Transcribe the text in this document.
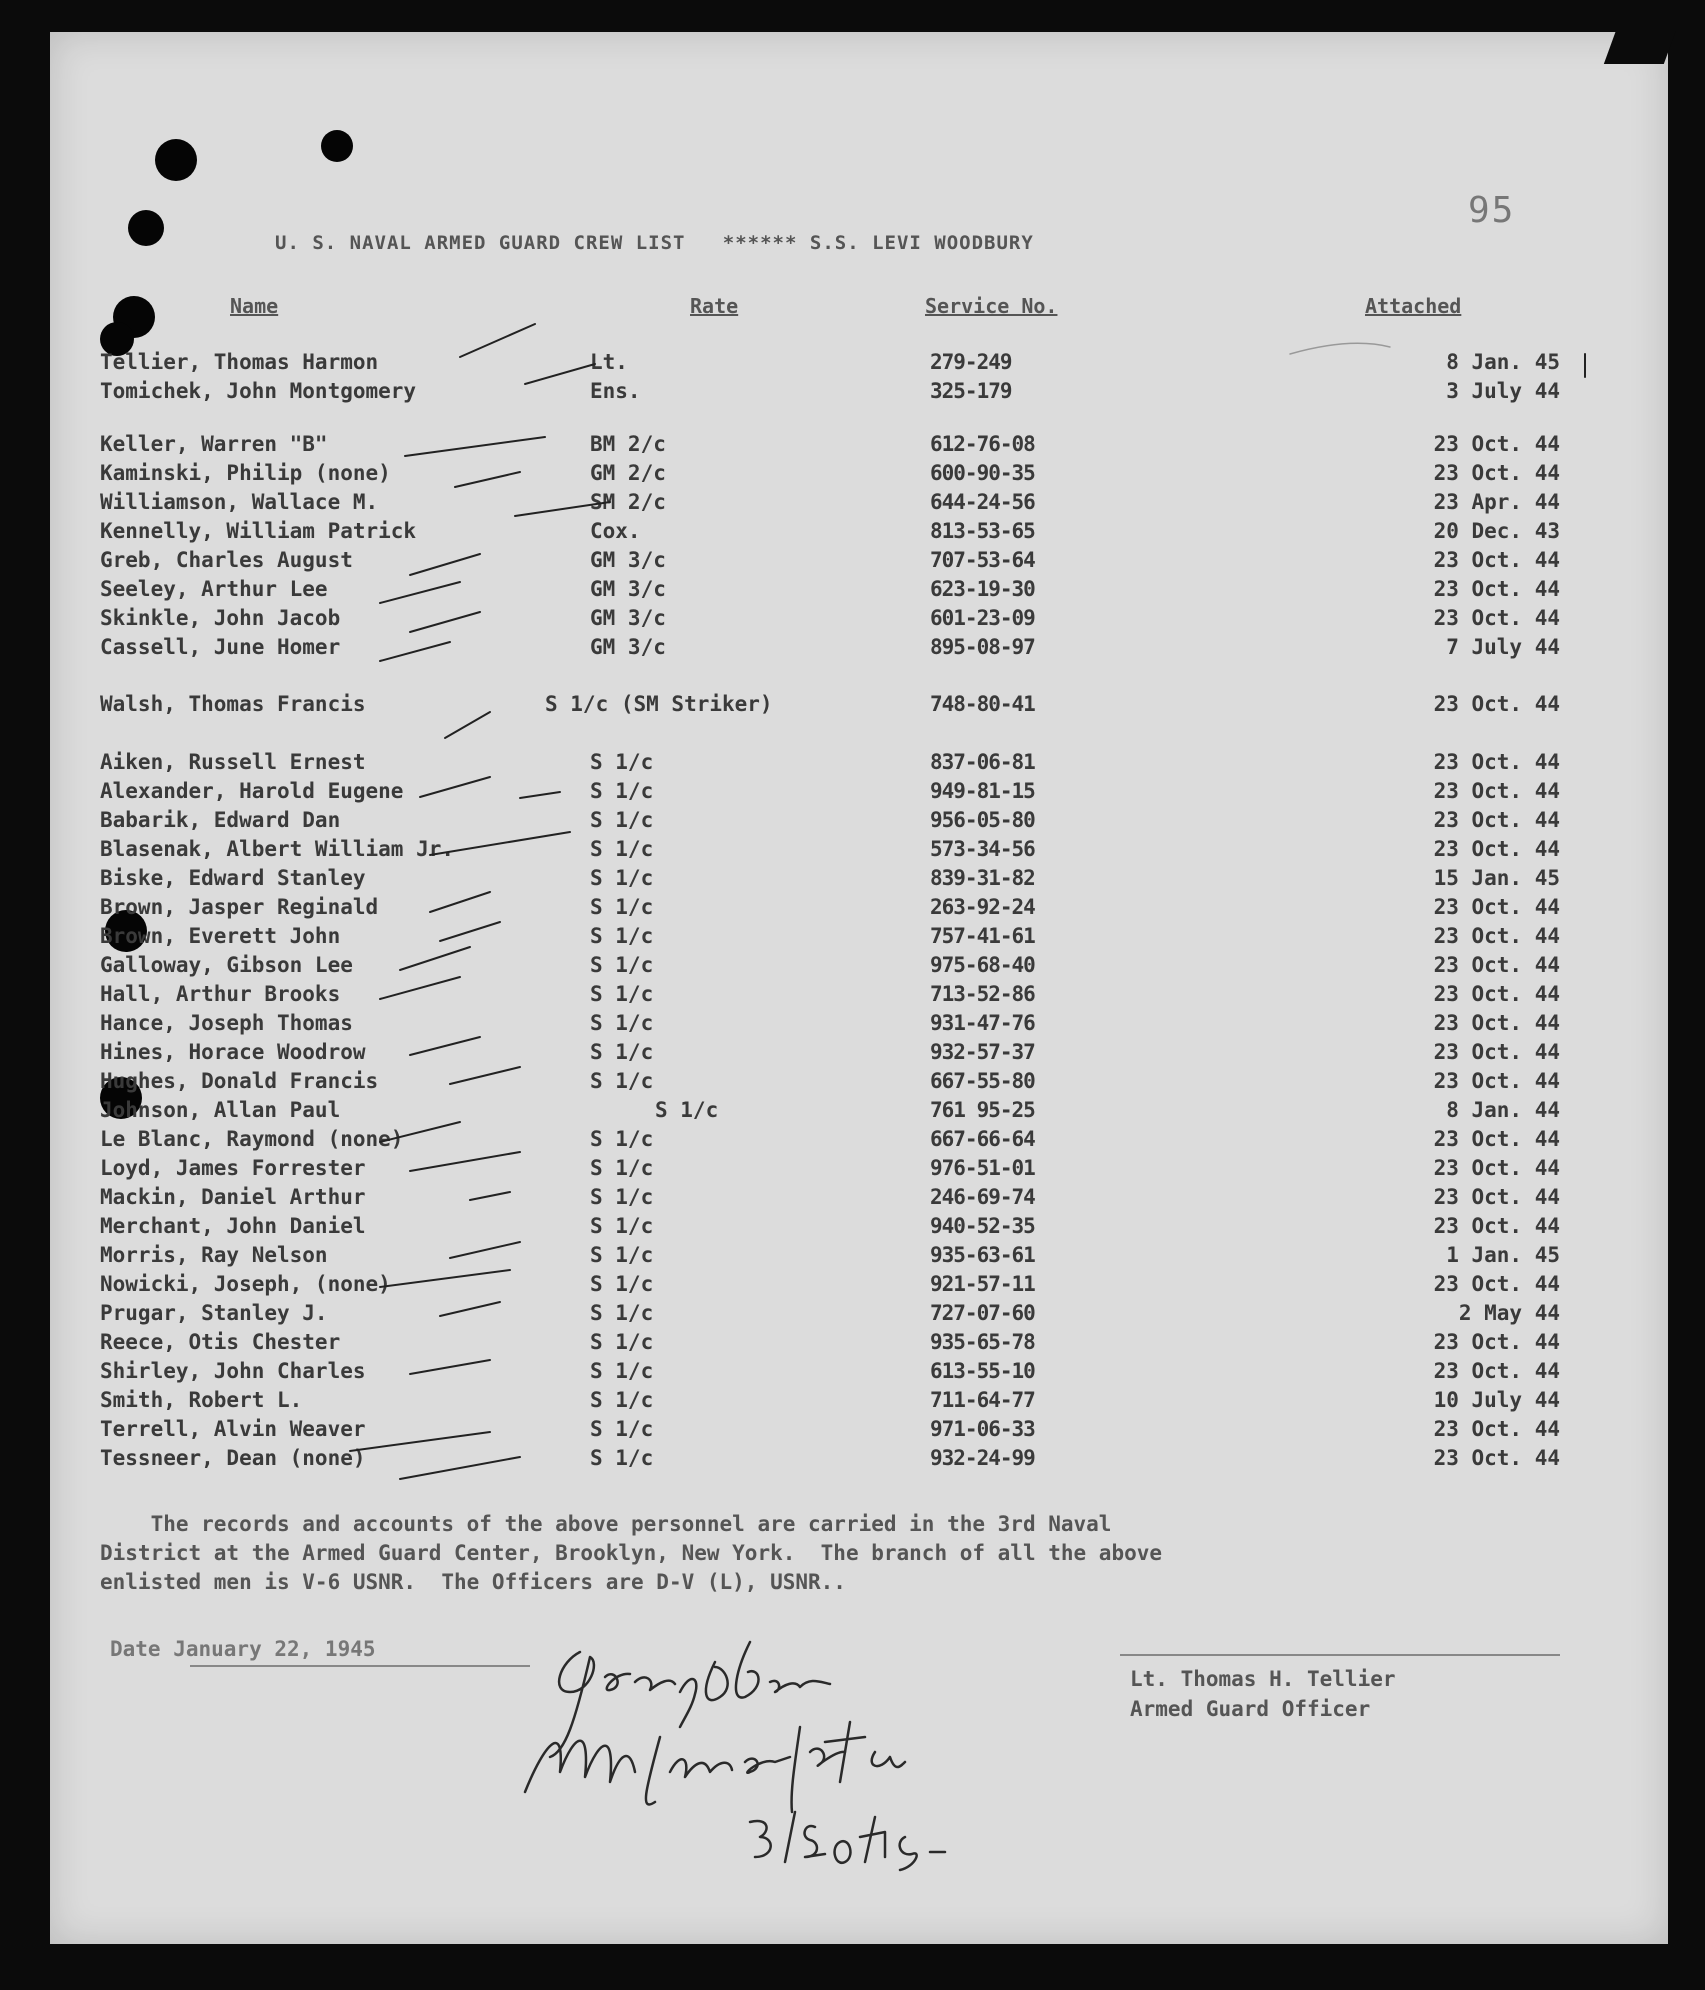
95
U. S. NAVAL ARMED GUARD CREW LIST   ****** S.S. LEVI WOODBURY
Name	Rate	Service No.	Attached
Tellier, Thomas Harmon	Lt.	279-249	8 Jan. 45
Tomichek, John Montgomery	Ens.	325-179	3 July 44
Keller, Warren "B"	BM 2/c	612-76-08	23 Oct. 44
Kaminski, Philip (none)	GM 2/c	600-90-35	23 Oct. 44
Williamson, Wallace M.	SM 2/c	644-24-56	23 Apr. 44
Kennelly, William Patrick	Cox.	813-53-65	20 Dec. 43
Greb, Charles August	GM 3/c	707-53-64	23 Oct. 44
Seeley, Arthur Lee	GM 3/c	623-19-30	23 Oct. 44
Skinkle, John Jacob	GM 3/c	601-23-09	23 Oct. 44
Cassell, June Homer	GM 3/c	895-08-97	7 July 44
Walsh, Thomas Francis	S 1/c (SM Striker)	748-80-41	23 Oct. 44
Aiken, Russell Ernest	S 1/c	837-06-81	23 Oct. 44
Alexander, Harold Eugene	S 1/c	949-81-15	23 Oct. 44
Babarik, Edward Dan	S 1/c	956-05-80	23 Oct. 44
Blasenak, Albert William Jr.	S 1/c	573-34-56	23 Oct. 44
Biske, Edward Stanley	S 1/c	839-31-82	15 Jan. 45
Brown, Jasper Reginald	S 1/c	263-92-24	23 Oct. 44
Brown, Everett John	S 1/c	757-41-61	23 Oct. 44
Galloway, Gibson Lee	S 1/c	975-68-40	23 Oct. 44
Hall, Arthur Brooks	S 1/c	713-52-86	23 Oct. 44
Hance, Joseph Thomas	S 1/c	931-47-76	23 Oct. 44
Hines, Horace Woodrow	S 1/c	932-57-37	23 Oct. 44
Hughes, Donald Francis	S 1/c	667-55-80	23 Oct. 44
Johnson, Allan Paul	S 1/c	761 95-25	8 Jan. 44
Le Blanc, Raymond (none)	S 1/c	667-66-64	23 Oct. 44
Loyd, James Forrester	S 1/c	976-51-01	23 Oct. 44
Mackin, Daniel Arthur	S 1/c	246-69-74	23 Oct. 44
Merchant, John Daniel	S 1/c	940-52-35	23 Oct. 44
Morris, Ray Nelson	S 1/c	935-63-61	1 Jan. 45
Nowicki, Joseph, (none)	S 1/c	921-57-11	23 Oct. 44
Prugar, Stanley J.	S 1/c	727-07-60	2 May 44
Reece, Otis Chester	S 1/c	935-65-78	23 Oct. 44
Shirley, John Charles	S 1/c	613-55-10	23 Oct. 44
Smith, Robert L.	S 1/c	711-64-77	10 July 44
Terrell, Alvin Weaver	S 1/c	971-06-33	23 Oct. 44
Tessneer, Dean (none)	S 1/c	932-24-99	23 Oct. 44
The records and accounts of the above personnel are carried in the 3rd Naval
District at the Armed Guard Center, Brooklyn, New York.  The branch of all the above
enlisted men is V-6 USNR.  The Officers are D-V (L), USNR..
Date January 22, 1945
Lt. Thomas H. Tellier
Armed Guard Officer
